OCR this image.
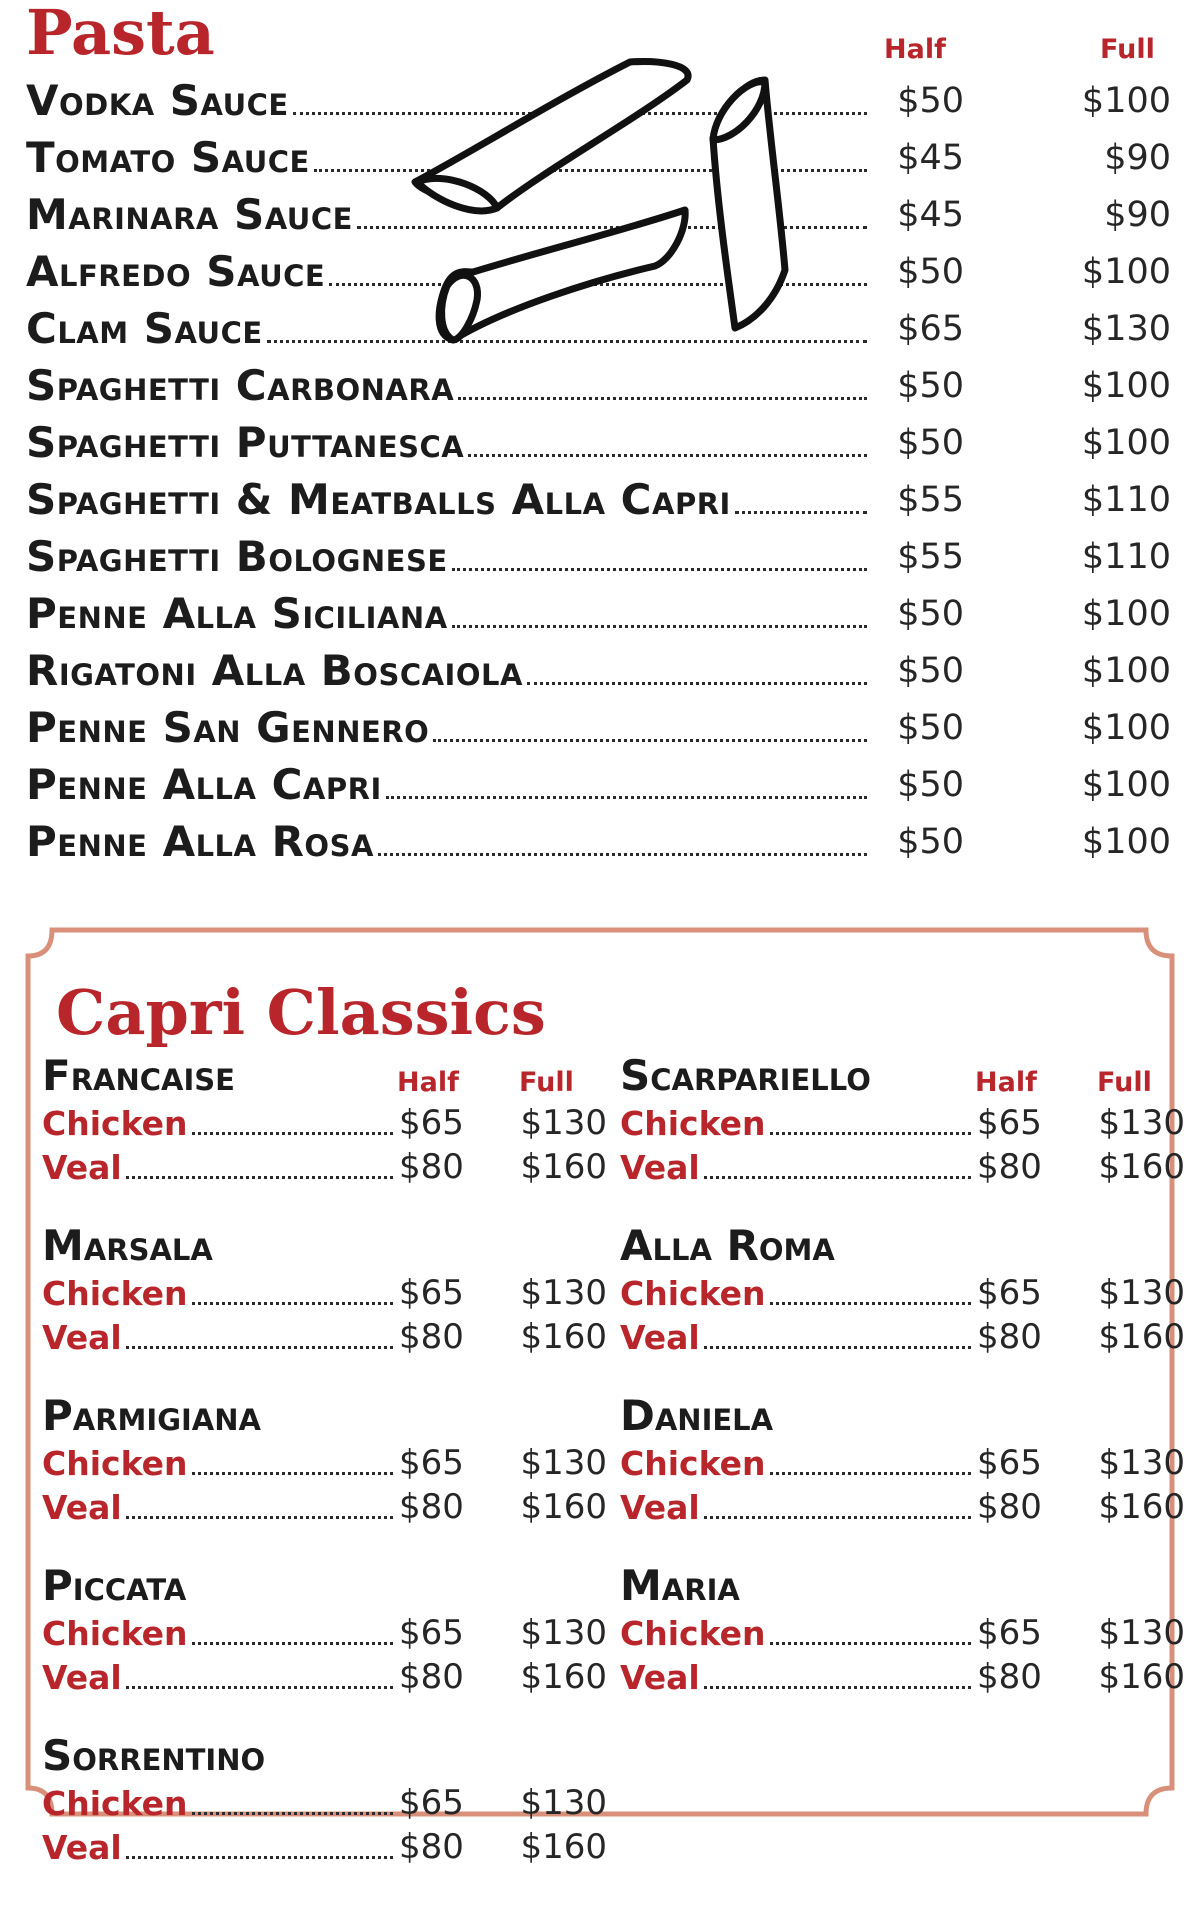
Pasta	Half	Full
Vodka Sauce	$50	$100
Tomato Sauce	$45	$90
Marinara Sauce	$45	$90
Alfredo Sauce	$50	$100
Clam Sauce	$65	$130
Spaghetti Carbonara	$50	$100
Spaghetti Puttanesca	$50	$100
Spaghetti & Meatballs Alla Capri	$55	$110
Spaghetti Bolognese	$55	$110
Penne Alla Siciliana	$50	$100
Rigatoni Alla Boscaiola	$50	$100
Penne San Gennero	$50	$100
Penne Alla Capri	$50	$100
Penne Alla Rosa	$50	$100
Capri Classics
Francaise	Half Full
Chicken	$65	$130
Veal	$80	$160
Marsala
Chicken	$65	$130
Veal	$80	$160
Parmigiana
Chicken	$65	$130
Veal	$80	$160
Piccata
Chicken	$65	$130
Veal	$80	$160
Sorrentino
Chicken	$65	$130
Veal	$80	$160
Scarpariello	Half Full
Chicken	$65	$130
Veal	$80	$160
Alla Roma
Chicken	$65	$130
Veal	$80	$160
Daniela
Chicken	$65	$130
Veal	$80	$160
Maria
Chicken	$65	$130
Veal	$80	$160
